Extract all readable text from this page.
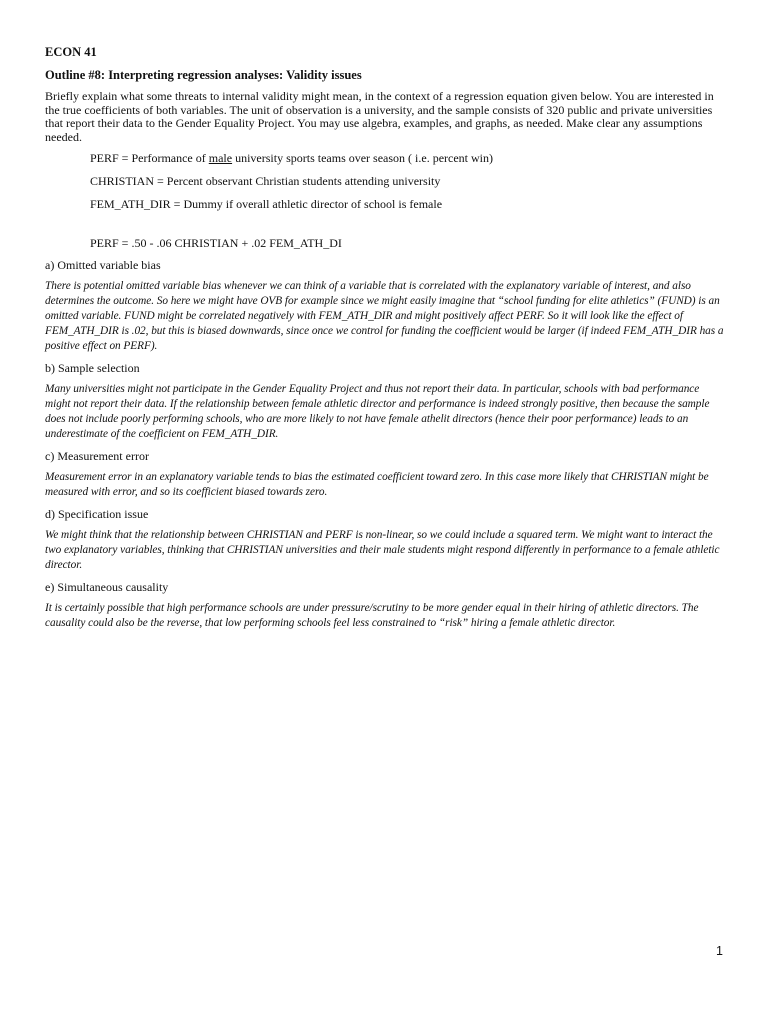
ECON 41
Outline #8: Interpreting regression analyses: Validity issues

Briefly explain what some threats to internal validity might mean, in the context of a regression equation given below. You are interested in the true coefficients of both variables. The unit of observation is a university, and the sample consists of 320 public and private universities that report their data to the Gender Equality Project. You may use algebra, examples, and graphs, as needed. Make clear any assumptions needed.

PERF = Performance of male university sports teams over season ( i.e. percent win)
CHRISTIAN = Percent observant Christian students attending university
FEM_ATH_DIR = Dummy if overall athletic director of school is female
PERF = .50 - .06 CHRISTIAN + .02 FEM_ATH_DI
a) Omitted variable bias

There is potential omitted variable bias whenever we can think of a variable that is correlated with the explanatory variable of interest, and also determines the outcome. So here we might have OVB for example since we might easily imagine that “school funding for elite athletics” (FUND) is an omitted variable. FUND might be correlated negatively with FEM_ATH_DIR and might positively affect PERF. So it will look like the effect of FEM_ATH_DIR is .02, but this is biased downwards, since once we control for funding the coefficient would be larger (if indeed FEM_ATH_DIR has a positive effect on PERF).

b) Sample selection

Many universities might not participate in the Gender Equality Project and thus not report their data. In particular, schools with bad performance might not report their data. If the relationship between female athletic director and performance is indeed strongly positive, then because the sample does not include poorly performing schools, who are more likely to not have female athelit directors (hence their poor performance) leads to an underestimate of the coefficient on FEM_ATH_DIR.

c) Measurement error

Measurement error in an explanatory variable tends to bias the estimated coefficient toward zero. In this case more likely that CHRISTIAN might be measured with error, and so its coefficient biased towards zero.

d) Specification issue

We might think that the relationship between CHRISTIAN and PERF is non-linear, so we could include a squared term. We might want to interact the two explanatory variables, thinking that CHRISTIAN universities and their male students might respond differently in performance to a female athletic director.

e) Simultaneous causality

It is certainly possible that high performance schools are under pressure/scrutiny to be more gender equal in their hiring of athletic directors. The causality could also be the reverse, that low performing schools feel less constrained to “risk” hiring a female athletic director.

1
